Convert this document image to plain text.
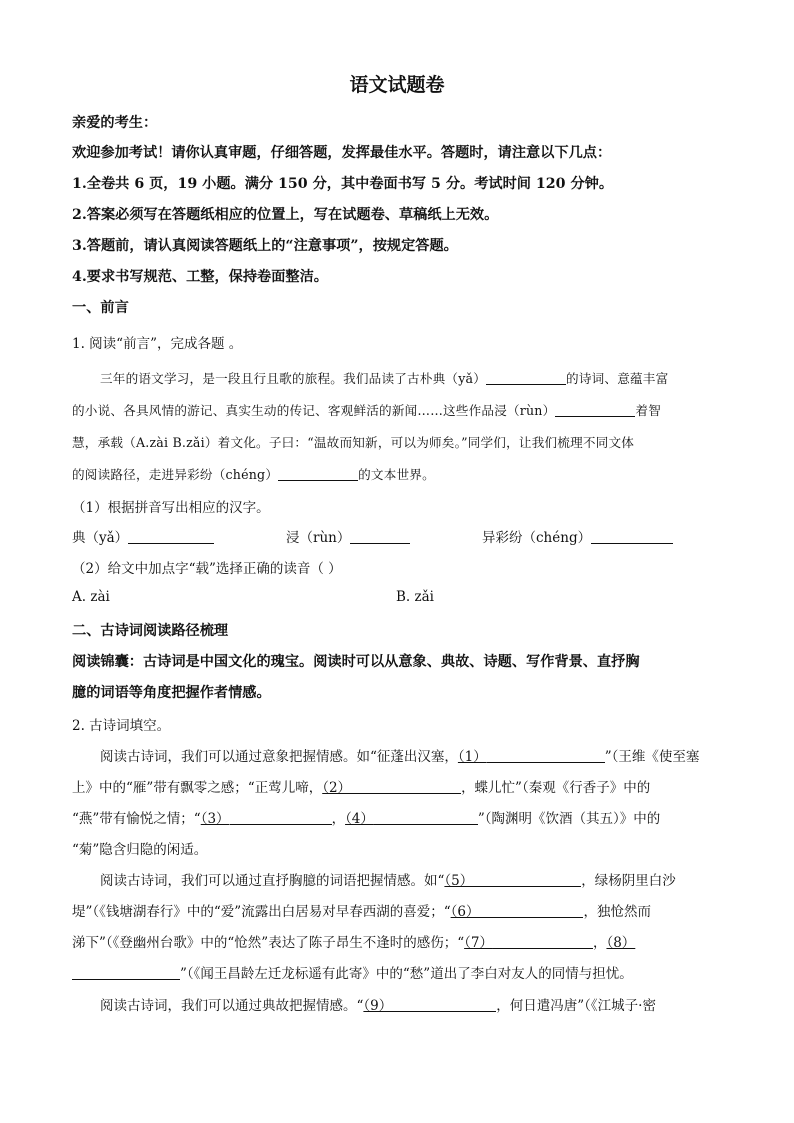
语文试题卷
亲爱的考生：
欢迎参加考试！请你认真审题，仔细答题，发挥最佳水平。答题时，请注意以下几点：
1.全卷共 6 页，19 小题。满分 150 分，其中卷面书写 5 分。考试时间 120 分钟。
2.答案必须写在答题纸相应的位置上，写在试题卷、草稿纸上无效。
3.答题前，请认真阅读答题纸上的“注意事项”，按规定答题。
4.要求书写规范、工整，保持卷面整洁。
一、前言
1. 阅读“前言”，完成各题 。
三年的语文学习，是一段且行且歌的旅程。我们品读了古朴典（yǎ）	的诗词、意蕴丰富
的小说、各具风情的游记、真实生动的传记、客观鲜活的新闻……这些作品浸（rùn）	着智
慧，承载（A.zài B.zǎi）着文化。子曰：“温故而知新，可以为师矣。”同学们，让我们梳理不同文体
的阅读路径，走进异彩纷（chéng）	的文本世界。
（1）根据拼音写出相应的汉字。
典（yǎ）	浸（rùn）	异彩纷（chéng）
（2）给文中加点字“载”选择正确的读音（ ）
A. zài	B. zǎi
二、古诗词阅读路径梳理
阅读锦囊：古诗词是中国文化的瑰宝。阅读时可以从意象、典故、诗题、写作背景、直抒胸
臆的词语等角度把握作者情感。
2. 古诗词填空。
阅读古诗词，我们可以通过意象把握情感。如“征蓬出汉塞，（1）	”（王维《使至塞
上》中的“雁”带有飘零之感；“正莺儿啼，（2）	，蝶儿忙”（秦观《行香子》中的
“燕”带有愉悦之情；“（3）	，（4）	”（陶渊明《饮酒（其五）》中的
“菊”隐含归隐的闲适。
阅读古诗词，我们可以通过直抒胸臆的词语把握情感。如“（5）	，绿杨阴里白沙
堤”（《钱塘湖春行》中的“爱”流露出白居易对早春西湖的喜爱；“（6）	，独怆然而
涕下”（《登幽州台歌》中的“怆然”表达了陈子昂生不逢时的感伤；“（7）	，（8）
”（《闻王昌龄左迁龙标遥有此寄》中的“愁”道出了李白对友人的同情与担忧。
阅读古诗词，我们可以通过典故把握情感。“（9）	，何日遣冯唐”（《江城子·密
